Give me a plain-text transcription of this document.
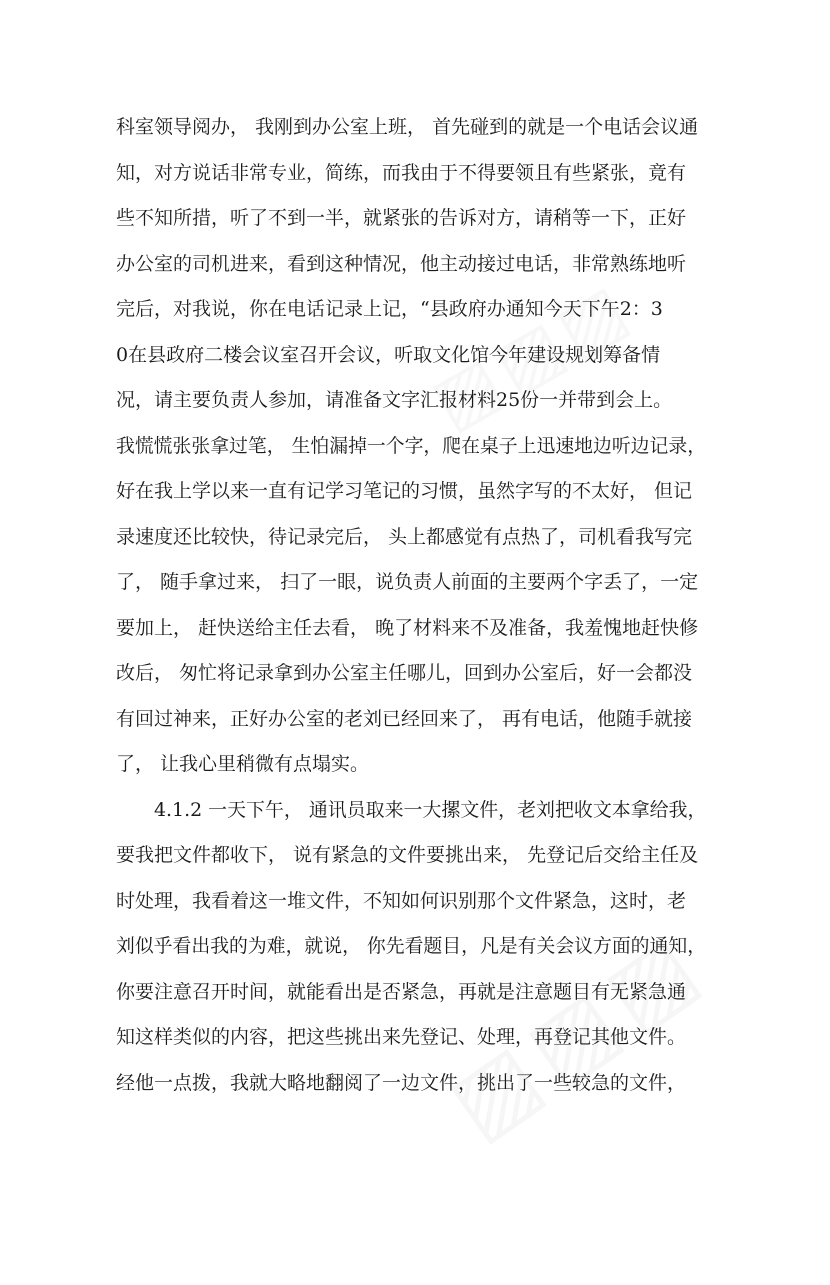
科室领导阅办， 我刚到办公室上班， 首先碰到的就是一个电话会议通
知，对方说话非常专业，简练，而我由于不得要领且有些紧张，竟有
些不知所措，听了不到一半，就紧张的告诉对方，请稍等一下，正好
办公室的司机进来，看到这种情况，他主动接过电话，非常熟练地听
完后，对我说，你在电话记录上记，“县政府办通知今天下午2：3
0在县政府二楼会议室召开会议，听取文化馆今年建设规划筹备情
况，请主要负责人参加，请准备文字汇报材料25份一并带到会上。
我慌慌张张拿过笔， 生怕漏掉一个字，爬在桌子上迅速地边听边记录，
好在我上学以来一直有记学习笔记的习惯，虽然字写的不太好， 但记
录速度还比较快，待记录完后， 头上都感觉有点热了，司机看我写完
了， 随手拿过来， 扫了一眼，说负责人前面的主要两个字丢了，一定
要加上， 赶快送给主任去看， 晚了材料来不及准备，我羞愧地赶快修
改后， 匆忙将记录拿到办公室主任哪儿，回到办公室后，好一会都没
有回过神来，正好办公室的老刘已经回来了， 再有电话，他随手就接
了， 让我心里稍微有点塌实。
4.1.2 一天下午， 通讯员取来一大摞文件，老刘把收文本拿给我，
要我把文件都收下， 说有紧急的文件要挑出来， 先登记后交给主任及
时处理，我看着这一堆文件，不知如何识别那个文件紧急，这时，老
刘似乎看出我的为难，就说， 你先看题目，凡是有关会议方面的通知，
你要注意召开时间，就能看出是否紧急，再就是注意题目有无紧急通
知这样类似的内容，把这些挑出来先登记、处理，再登记其他文件。
经他一点拨，我就大略地翻阅了一边文件，挑出了一些较急的文件，
